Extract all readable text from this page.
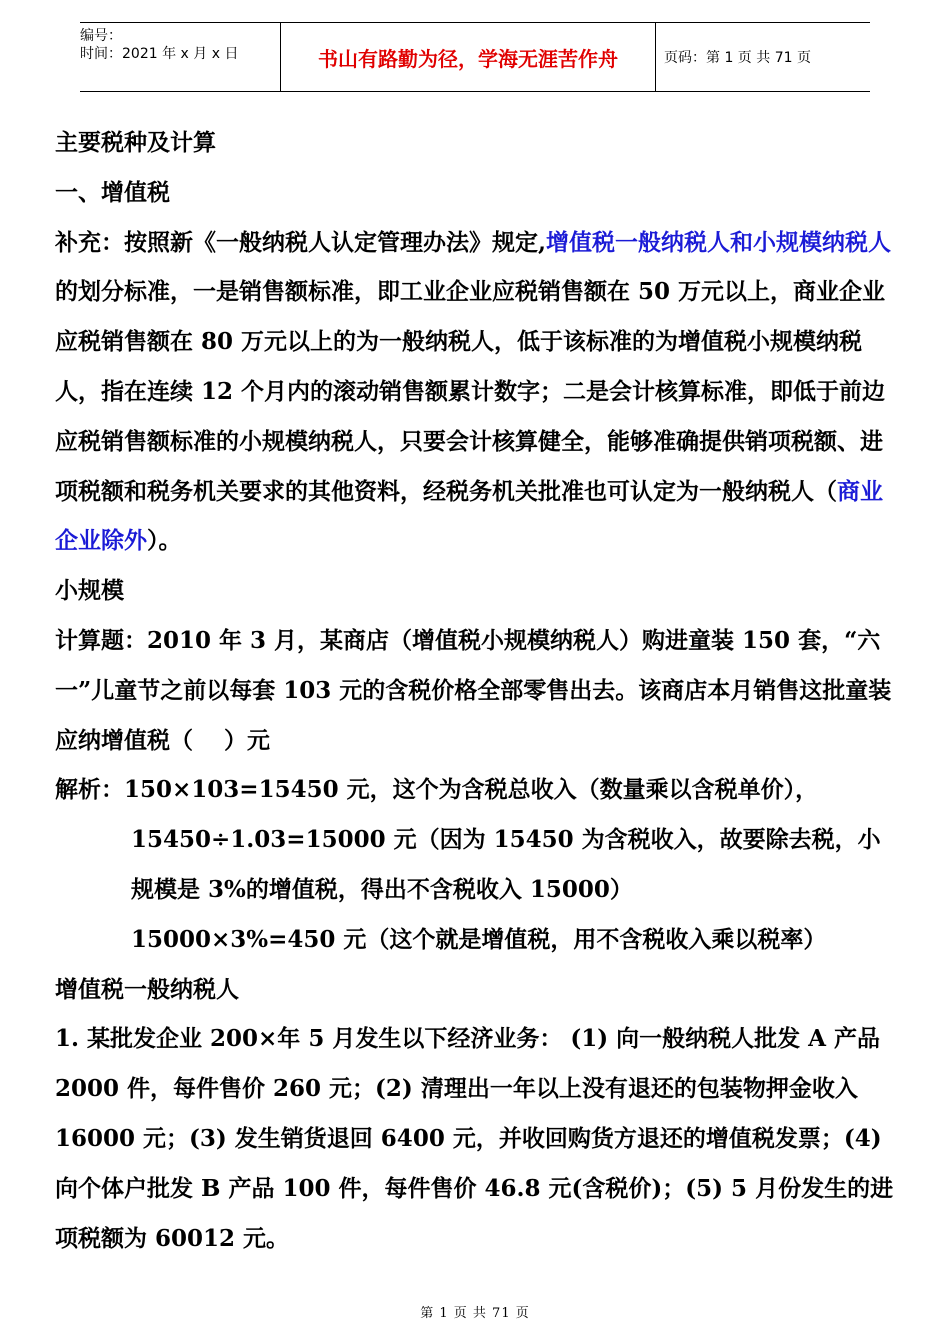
编号：
时间：2021 年 x 月 x 日	书山有路勤为径，学海无涯苦作舟	页码：第 1 页 共 71 页

主要税种及计算

一、增值税

补充：按照新《一般纳税人认定管理办法》规定,增值税一般纳税人和小规模纳税人的划分标准，一是销售额标准，即工业企业应税销售额在 50 万元以上，商业企业应税销售额在 80 万元以上的为一般纳税人，低于该标准的为增值税小规模纳税人，指在连续 12 个月内的滚动销售额累计数字；二是会计核算标准，即低于前边应税销售额标准的小规模纳税人，只要会计核算健全，能够准确提供销项税额、进项税额和税务机关要求的其他资料，经税务机关批准也可认定为一般纳税人（商业企业除外）。

小规模

计算题：2010 年 3 月，某商店（增值税小规模纳税人）购进童装 150 套，“六一”儿童节之前以每套 103 元的含税价格全部零售出去。该商店本月销售这批童装应纳增值税（　 ）元

解析：150×103=15450 元，这个为含税总收入（数量乘以含税单价），

15450÷1.03=15000 元（因为 15450 为含税收入，故要除去税，小规模是 3%的增值税，得出不含税收入 15000）

15000×3%=450 元（这个就是增值税，用不含税收入乘以税率）

增值税一般纳税人

1. 某批发企业 200×年 5 月发生以下经济业务： (1) 向一般纳税人批发 A 产品 2000 件，每件售价 260 元；(2) 清理出一年以上没有退还的包装物押金收入 16000 元；(3) 发生销货退回 6400 元，并收回购货方退还的增值税发票；(4) 向个体户批发 B 产品 100 件，每件售价 46.8 元(含税价)；(5) 5 月份发生的进项税额为 60012 元。

第 1 页 共 71 页
